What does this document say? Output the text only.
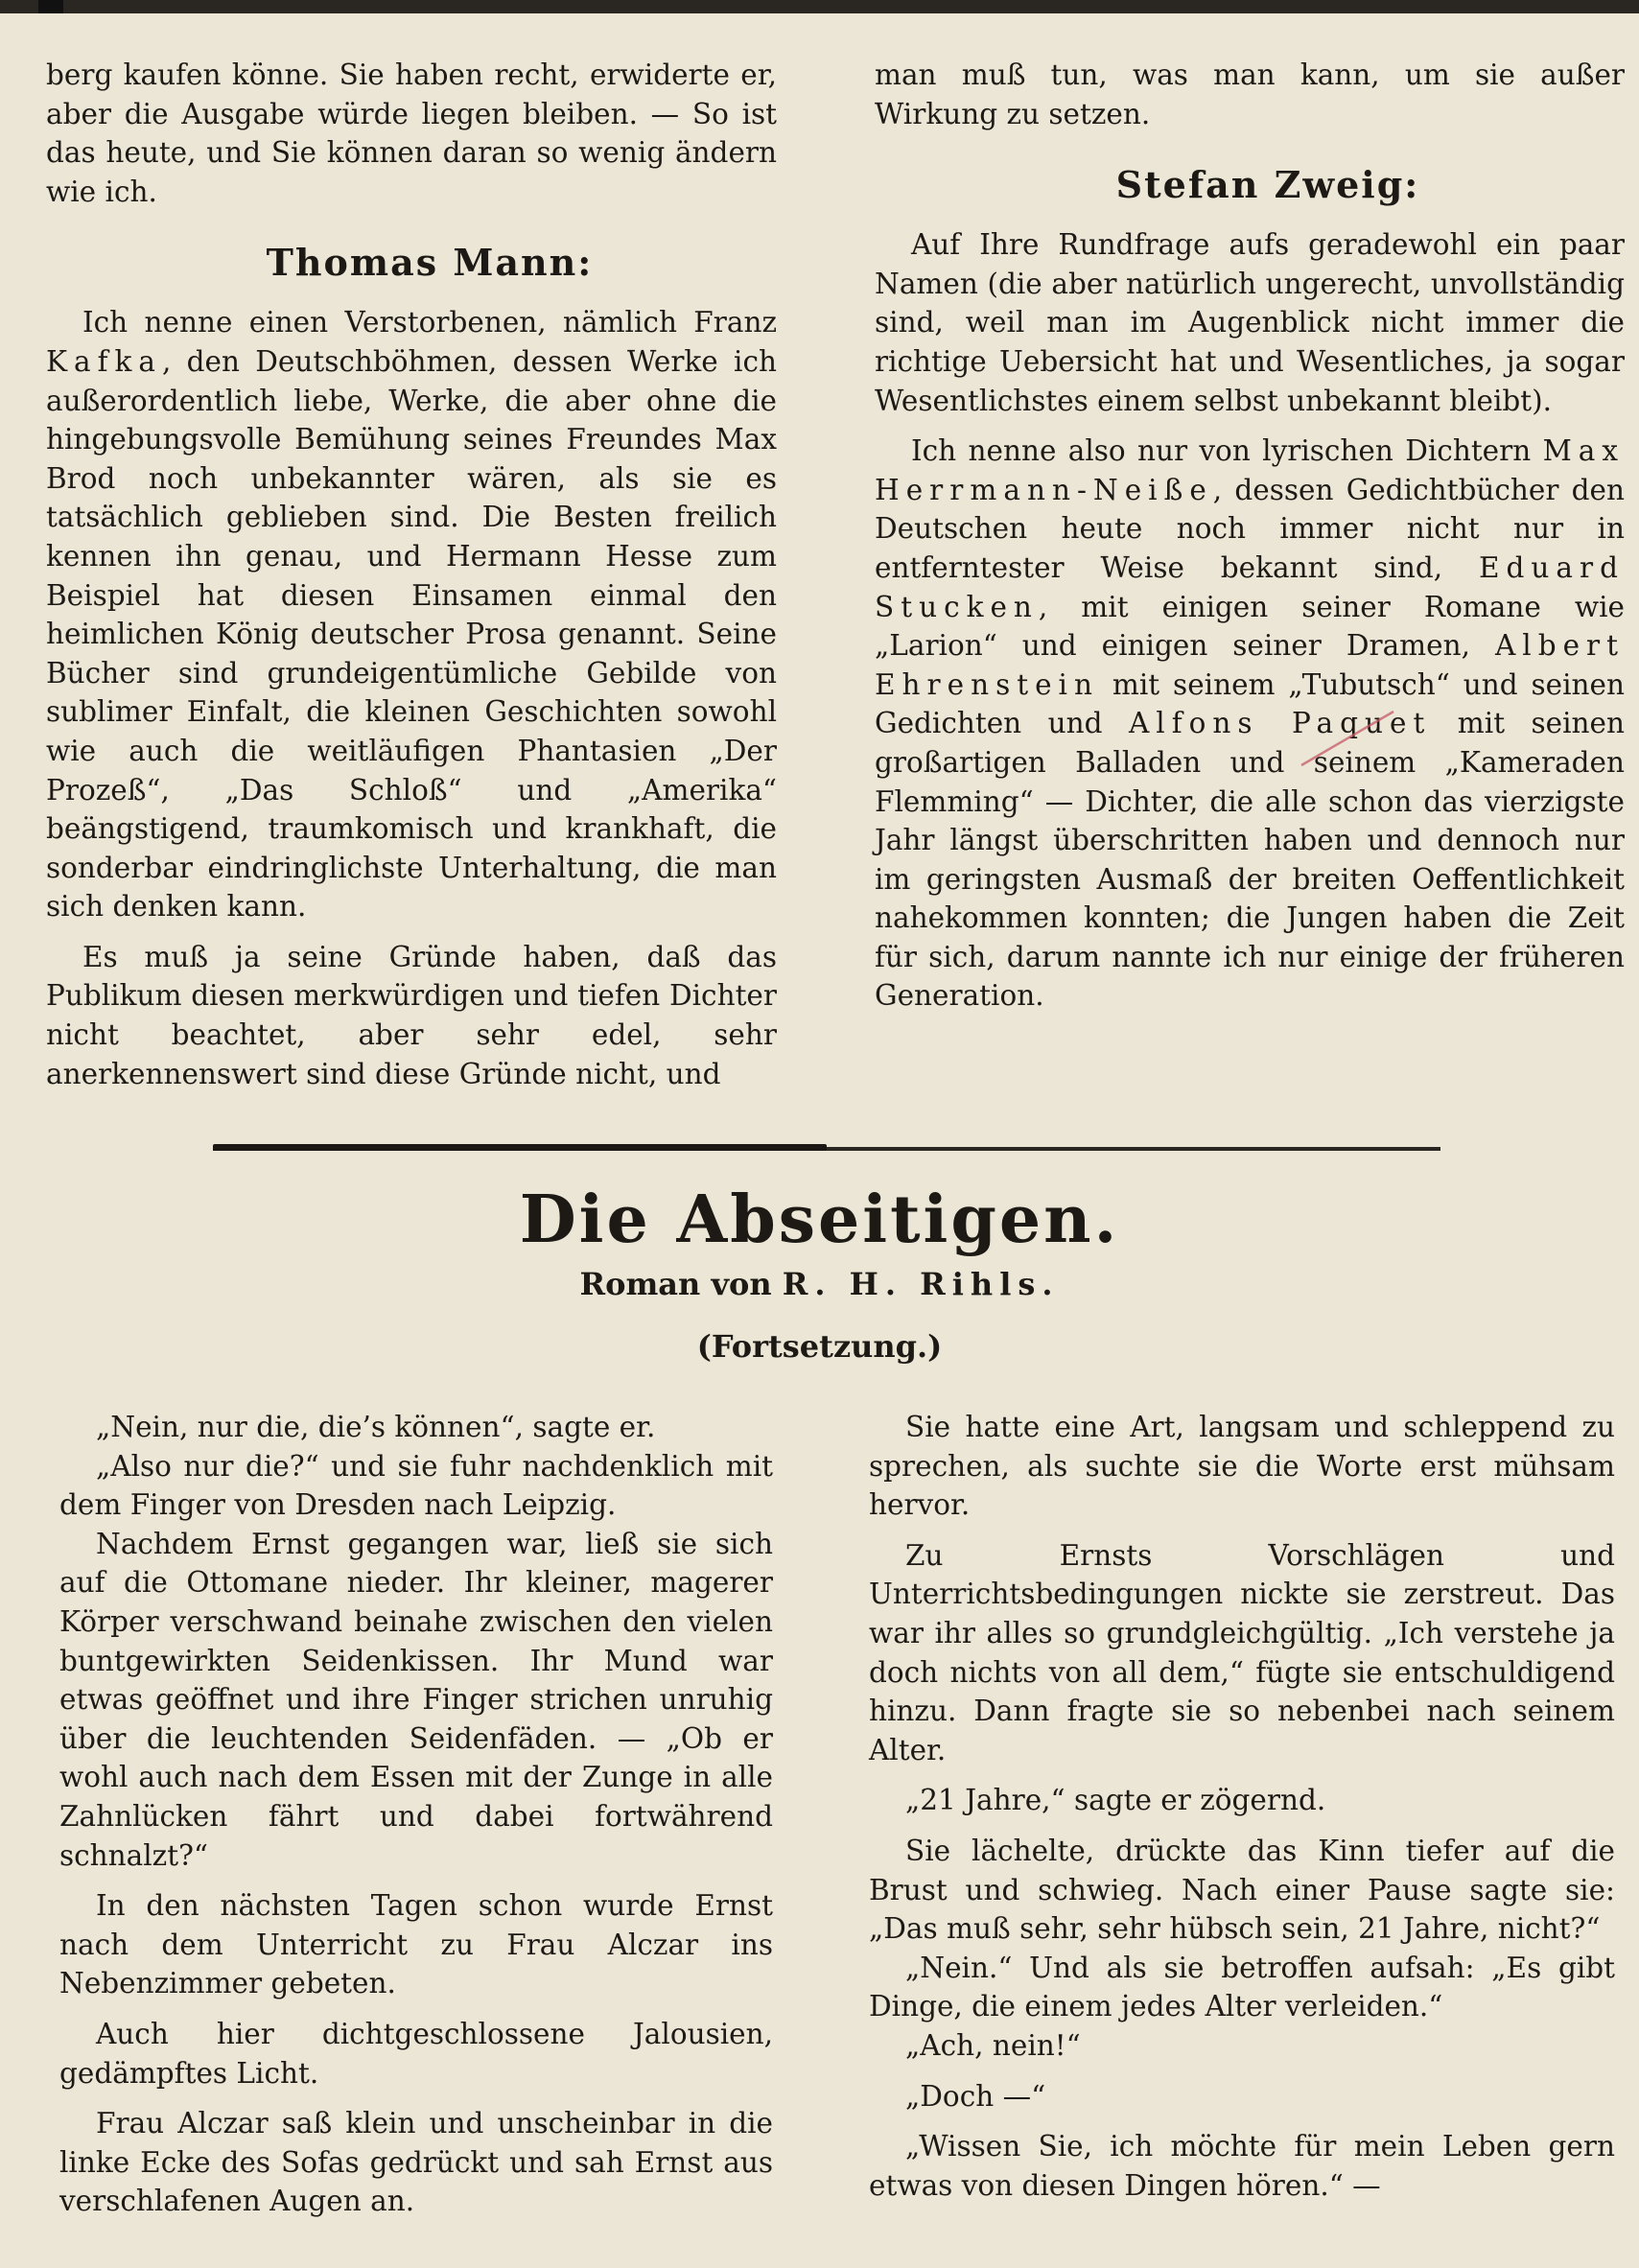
berg kaufen könne. Sie haben recht, erwiderte er, aber die Ausgabe würde liegen bleiben. — So ist das heute, und Sie können daran so wenig ändern wie ich.

Thomas Mann:

Ich nenne einen Verstorbenen, nämlich Franz Kafka, den Deutschböhmen, dessen Werke ich außerordentlich liebe, Werke, die aber ohne die hingebungsvolle Bemühung seines Freundes Max Brod noch unbekannter wären, als sie es tatsächlich geblieben sind. Die Besten freilich kennen ihn genau, und Hermann Hesse zum Beispiel hat diesen Einsamen einmal den heimlichen König deutscher Prosa genannt. Seine Bücher sind grundeigentümliche Gebilde von sublimer Einfalt, die kleinen Geschichten sowohl wie auch die weitläufigen Phantasien „Der Prozeß“, „Das Schloß“ und „Amerika“ beängstigend, traumkomisch und krankhaft, die sonderbar eindringlichste Unterhaltung, die man sich denken kann.

Es muß ja seine Gründe haben, daß das Publikum diesen merkwürdigen und tiefen Dichter nicht beachtet, aber sehr edel, sehr anerkennenswert sind diese Gründe nicht, und

man muß tun, was man kann, um sie außer Wirkung zu setzen.

Stefan Zweig:

Auf Ihre Rundfrage aufs geradewohl ein paar Namen (die aber natürlich ungerecht, unvollständig sind, weil man im Augenblick nicht immer die richtige Uebersicht hat und Wesentliches, ja sogar Wesentlichstes einem selbst unbekannt bleibt).

Ich nenne also nur von lyrischen Dichtern Max Herrmann-Neiße, dessen Gedichtbücher den Deutschen heute noch immer nicht nur in entferntester Weise bekannt sind, Eduard Stucken, mit einigen seiner Romane wie „Larion“ und einigen seiner Dramen, Albert Ehrenstein mit seinem „Tubutsch“ und seinen Gedichten und Alfons Paquet mit seinen großartigen Balladen und seinem „Kameraden Flemming“ — Dichter, die alle schon das vierzigste Jahr längst überschritten haben und dennoch nur im geringsten Ausmaß der breiten Oeffentlichkeit nahekommen konnten; die Jungen haben die Zeit für sich, darum nannte ich nur einige der früheren Generation.

Die Abseitigen.

Roman von R. H. Rihls.

(Fortsetzung.)

„Nein, nur die, die’s können“, sagte er.

„Also nur die?“ und sie fuhr nachdenklich mit dem Finger von Dresden nach Leipzig.

Nachdem Ernst gegangen war, ließ sie sich auf die Ottomane nieder. Ihr kleiner, magerer Körper verschwand beinahe zwischen den vielen buntgewirkten Seidenkissen. Ihr Mund war etwas geöffnet und ihre Finger strichen unruhig über die leuchtenden Seidenfäden. — „Ob er wohl auch nach dem Essen mit der Zunge in alle Zahnlücken fährt und dabei fortwährend schnalzt?“

In den nächsten Tagen schon wurde Ernst nach dem Unterricht zu Frau Alczar ins Nebenzimmer gebeten.

Auch hier dichtgeschlossene Jalousien, gedämpftes Licht.

Frau Alczar saß klein und unscheinbar in die linke Ecke des Sofas gedrückt und sah Ernst aus verschlafenen Augen an.

Sie hatte eine Art, langsam und schleppend zu sprechen, als suchte sie die Worte erst mühsam hervor.

Zu Ernsts Vorschlägen und Unterrichtsbedingungen nickte sie zerstreut. Das war ihr alles so grundgleichgültig. „Ich verstehe ja doch nichts von all dem,“ fügte sie entschuldigend hinzu. Dann fragte sie so nebenbei nach seinem Alter.

„21 Jahre,“ sagte er zögernd.

Sie lächelte, drückte das Kinn tiefer auf die Brust und schwieg. Nach einer Pause sagte sie: „Das muß sehr, sehr hübsch sein, 21 Jahre, nicht?“

„Nein.“ Und als sie betroffen aufsah: „Es gibt Dinge, die einem jedes Alter verleiden.“

„Ach, nein!“

„Doch —“

„Wissen Sie, ich möchte für mein Leben gern etwas von diesen Dingen hören.“ —
